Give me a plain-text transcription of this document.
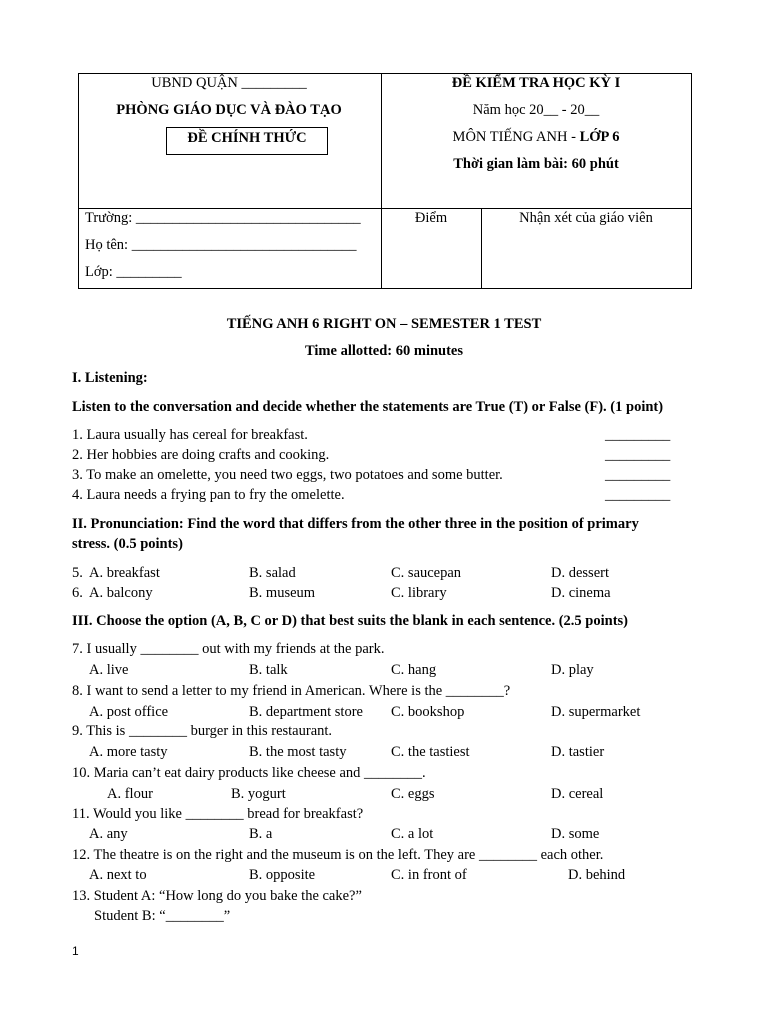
UBND QUẬN _________
PHÒNG GIÁO DỤC VÀ ĐÀO TẠO
ĐỀ CHÍNH THỨC
ĐỀ KIỂM TRA HỌC KỲ I
Năm học 20__ - 20__
MÔN TIẾNG ANH - LỚP 6
Thời gian làm bài: 60 phút
Trường: _______________________________
Họ tên: _______________________________
Lớp: _________
Điểm	Nhận xét của giáo viên
TIẾNG ANH 6 RIGHT ON – SEMESTER 1 TEST
Time allotted: 60 minutes
I. Listening:
Listen to the conversation and decide whether the statements are True (T) or False (F). (1 point)
1. Laura usually has cereal for breakfast.	_________
2. Her hobbies are doing crafts and cooking.	_________
3. To make an omelette, you need two eggs, two potatoes and some butter.	_________
4. Laura needs a frying pan to fry the omelette.	_________
II. Pronunciation: Find the word that differs from the other three in the position of primary
stress. (0.5 points)
5. A. breakfast	B. salad	C. saucepan	D. dessert
6. A. balcony	B. museum	C. library	D. cinema
III. Choose the option (A, B, C or D) that best suits the blank in each sentence. (2.5 points)
7. I usually ________ out with my friends at the park.
A. live	B. talk	C. hang	D. play
8. I want to send a letter to my friend in American. Where is the ________?
A. post office	B. department store C. bookshop	D. supermarket
9. This is ________ burger in this restaurant.
A. more tasty	B. the most tasty	C. the tastiest	D. tastier
10. Maria can’t eat dairy products like cheese and ________.
A. flour	B. yogurt	C. eggs	D. cereal
11. Would you like ________ bread for breakfast?
A. any	B. a	C. a lot	D. some
12. The theatre is on the right and the museum is on the left. They are ________ each other.
A. next to	B. opposite	C. in front of	D. behind
13. Student A: “How long do you bake the cake?”
Student B: “________”
1
